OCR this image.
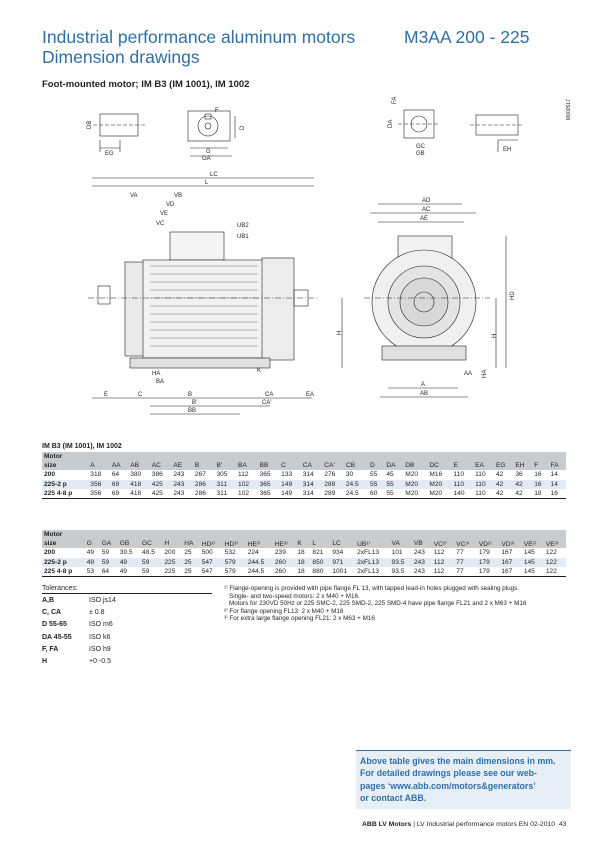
Industrial performance aluminum motors
Dimension drawings
M3AA 200 - 225
Foot-mounted motor; IM B3 (IM 1001), IM 1002
DB
EG
F
D
G
GA
FA
DA
GC
GB
EH
M000517
LC
L
VA	VB
VD
VE
VC	UB2
UB1
E	C	B	CA	EA
BA
HA	K
B'	CA'
BB
H
AD
AC
AE
HD
H
HA
AA
A
AB
IM B3 (IM 1001), IM 1002
Motor																							
size	A	AA	AB	AC	AE	B	B'	BA	BB	C	CA	CA'	CB	D	DA	DB	DC	E	EA	EG	EH	F	FA
200	318	64	380	386	243	267	305	112	365	133	314	276	30	55	45	M20	M16	110	110	42	36	16	14
225-2 p	356	69	418	425	243	286	311	102	365	149	314	289	24.5	55	55	M20	M20	110	110	42	42	16	14
225 4-8 p	356	69	418	425	243	286	311	102	365	149	314	289	24.5	60	55	M20	M20	140	110	42	42	18	16
Motor																						
size	G	GA	GB	GC	H	HA	HD²⁾	HD³⁾	HE²⁾	HE³⁾	K	L	LC	UB¹⁾	VA	VB	VC²⁾	VC³⁾	VD²⁾	VD³⁾	VE²⁾	VE³⁾
200	49	59	39.5	48.5	200	25	500	532	224	239	18	821	934	2xFL13	101	243	112	77	179	167	145	122
225-2 p	49	59	49	59	225	25	547	579	244.5	260	18	850	971	2xFL13	93.5	243	112	77	179	167	145	122
225 4-8 p	53	64	49	59	225	25	547	579	244.5	260	18	880	1001	2xFL13	93.5	243	112	77	179	167	145	122
Tolerances:
A,B	ISO js14
C, CA	± 0.8
D 55-65	ISO m6
DA 45-55	ISO k6
F, FA	ISO h9
H	+0 -0.5
¹⁾ Flange-opening is provided with pipe flange FL 13, with tapped lead-in holes plugged with sealing plugs.
Single- and two-speed motors: 2 x M40 + M16.
Motors for 230VD 50Hz or 225 SMC-2, 225 SMD-2, 225 SMD-4 have pipe flange FL21 and 2 x M63 + M16
²⁾ For flange opening FL13: 2 x M40 + M16
³⁾ For extra large flange opening FL21: 2 x M63 + M16
Above table gives the main dimensions in mm.
For detailed drawings please see our web-
pages ‘www.abb.com/motors&generators’
or contact ABB.
ABB LV Motors | LV Industrial performance motors EN 02-2010 43
